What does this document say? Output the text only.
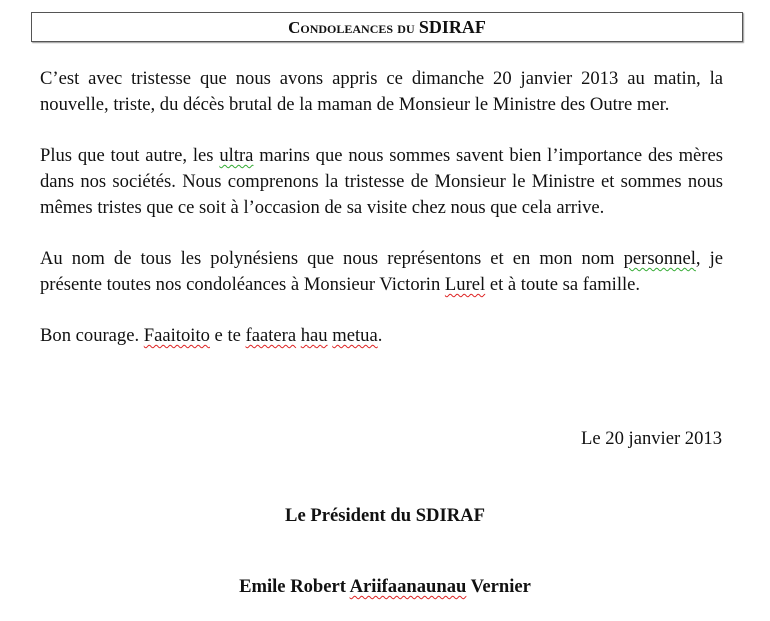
Condoleances du SDIRAF

C’est avec tristesse que nous avons appris ce dimanche 20 janvier 2013 au matin, la nouvelle, triste, du décès brutal de la maman de Monsieur le Ministre des Outre mer.

Plus que tout autre, les ultra marins que nous sommes savent bien l’importance des mères dans nos sociétés. Nous comprenons la tristesse de Monsieur le Ministre et sommes nous mêmes tristes que ce soit à l’occasion de sa visite chez nous que cela arrive.

Au nom de tous les polynésiens que nous représentons et en mon nom personnel, je présente toutes nos condoléances à Monsieur Victorin Lurel et à toute sa famille.

Bon courage. Faaitoito e te faatera hau metua.

Le 20 janvier 2013
Le Président du SDIRAF
Emile Robert Ariifaanaunau Vernier
